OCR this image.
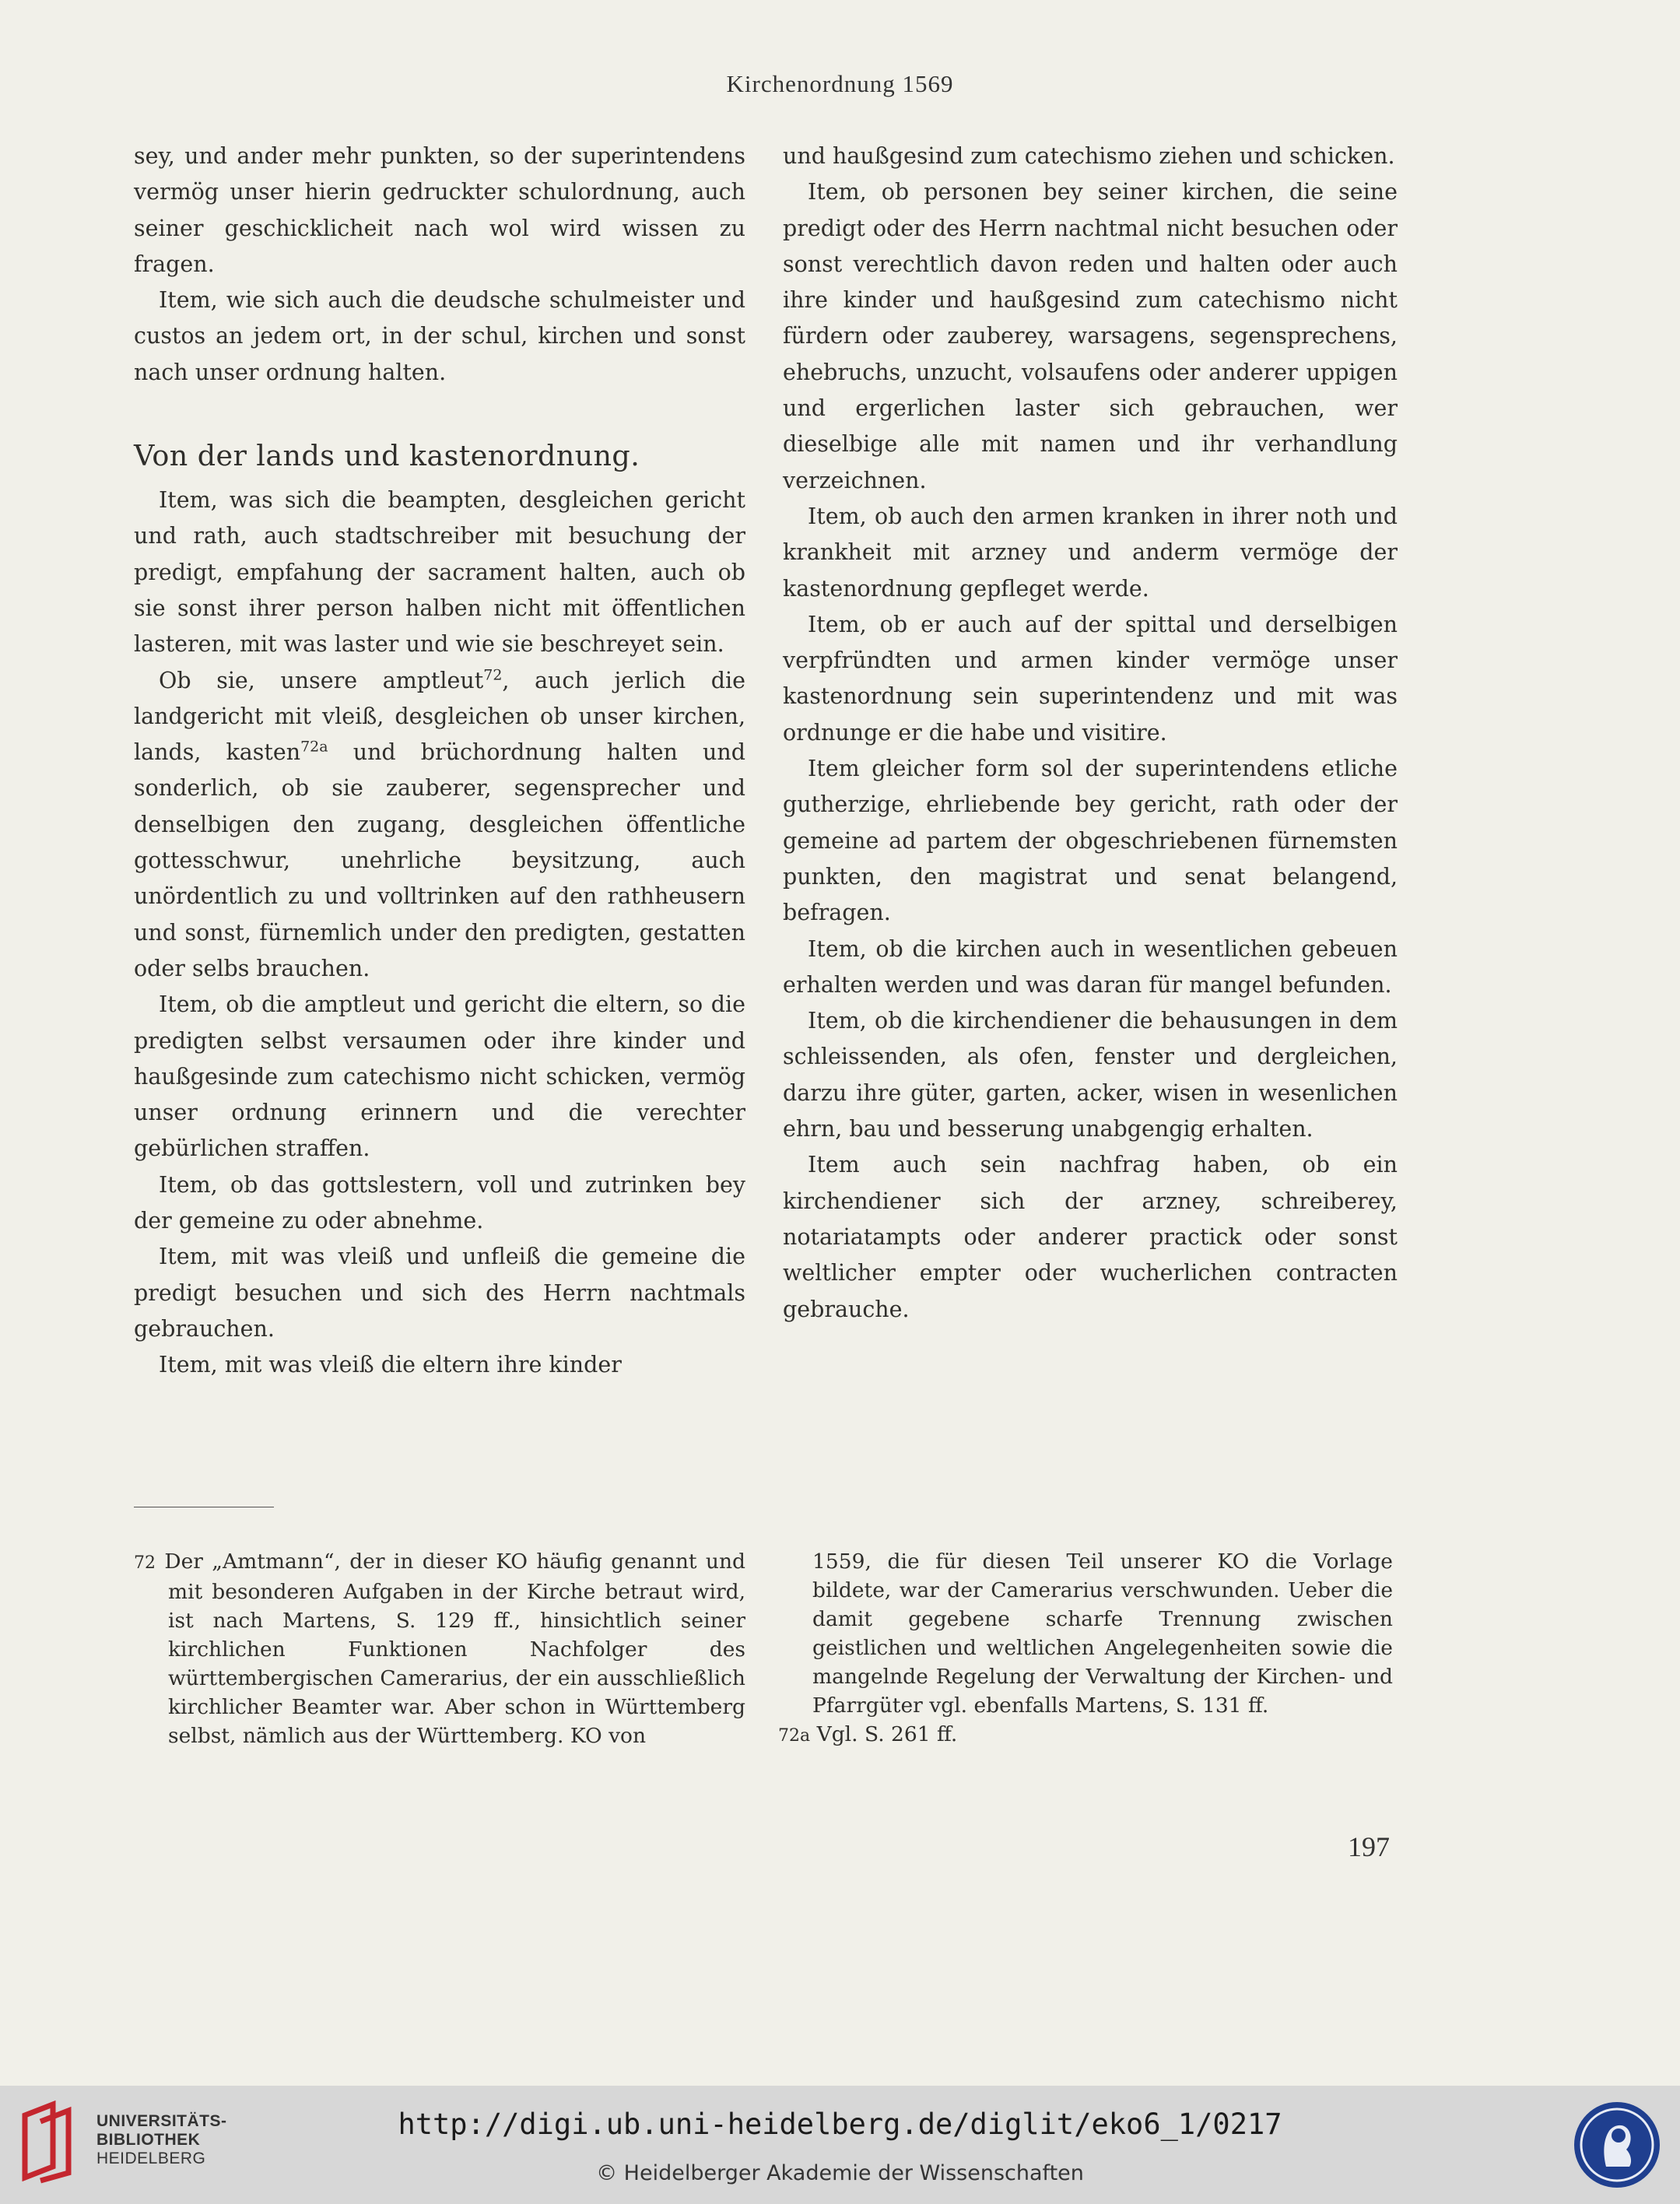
Kirchenordnung 1569

sey, und ander mehr punkten, so der superintendens vermög unser hierin gedruckter schulordnung, auch seiner geschicklicheit nach wol wird wissen zu fragen.

Item, wie sich auch die deudsche schulmeister und custos an jedem ort, in der schul, kirchen und sonst nach unser ordnung halten.

Von der lands und kastenordnung.

Item, was sich die beampten, desgleichen gericht und rath, auch stadtschreiber mit besuchung der predigt, empfahung der sacrament halten, auch ob sie sonst ihrer person halben nicht mit öffentlichen lasteren, mit was laster und wie sie beschreyet sein.

Ob sie, unsere amptleut$^{72}$, auch jerlich die landgericht mit vleiß, desgleichen ob unser kirchen, lands, kasten$^{72a}$ und brüchordnung halten und sonderlich, ob sie zauberer, segensprecher und denselbigen den zugang, desgleichen öffentliche gottesschwur, unehrliche beysitzung, auch unördentlich zu und volltrinken auf den rathheusern und sonst, fürnemlich under den predigten, gestatten oder selbs brauchen.

Item, ob die amptleut und gericht die eltern, so die predigten selbst versaumen oder ihre kinder und haußgesinde zum catechismo nicht schicken, vermög unser ordnung erinnern und die verechter gebürlichen straffen.

Item, ob das gottslestern, voll und zutrinken bey der gemeine zu oder abnehme.

Item, mit was vleiß und unfleiß die gemeine die predigt besuchen und sich des Herrn nachtmals gebrauchen.

Item, mit was vleiß die eltern ihre kinder

und haußgesind zum catechismo ziehen und schicken.

Item, ob personen bey seiner kirchen, die seine predigt oder des Herrn nachtmal nicht besuchen oder sonst verechtlich davon reden und halten oder auch ihre kinder und haußgesind zum catechismo nicht fürdern oder zauberey, warsagens, segensprechens, ehebruchs, unzucht, volsaufens oder anderer uppigen und ergerlichen laster sich gebrauchen, wer dieselbige alle mit namen und ihr verhandlung verzeichnen.

Item, ob auch den armen kranken in ihrer noth und krankheit mit arzney und anderm vermöge der kastenordnung gepfleget werde.

Item, ob er auch auf der spittal und derselbigen verpfründten und armen kinder vermöge unser kastenordnung sein superintendenz und mit was ordnunge er die habe und visitire.

Item gleicher form sol der superintendens etliche gutherzige, ehrliebende bey gericht, rath oder der gemeine ad partem der obgeschriebenen fürnemsten punkten, den magistrat und senat belangend, befragen.

Item, ob die kirchen auch in wesentlichen gebeuen erhalten werden und was daran für mangel befunden.

Item, ob die kirchendiener die behausungen in dem schleissenden, als ofen, fenster und dergleichen, darzu ihre güter, garten, acker, wisen in wesenlichen ehrn, bau und besserung unabgengig erhalten.

Item auch sein nachfrag haben, ob ein kirchendiener sich der arzney, schreiberey, notariatampts oder anderer practick oder sonst weltlicher empter oder wucherlichen contracten gebrauche.

72 Der „Amtmann“, der in dieser KO häufig genannt und mit besonderen Aufgaben in der Kirche betraut wird, ist nach Martens, S. 129 ff., hinsichtlich seiner kirchlichen Funktionen Nachfolger des württembergischen Camerarius, der ein ausschließlich kirchlicher Beamter war. Aber schon in Württemberg selbst, nämlich aus der Württemberg. KO von

1559, die für diesen Teil unserer KO die Vorlage bildete, war der Camerarius verschwunden. Ueber die damit gegebene scharfe Trennung zwischen geistlichen und weltlichen Angelegenheiten sowie die mangelnde Regelung der Verwaltung der Kirchen- und Pfarrgüter vgl. ebenfalls Martens, S. 131 ff.

72a Vgl. S. 261 ff.

197
UNIVERSITÄTS-
BIBLIOTHEK
HEIDELBERG
http://digi.ub.uni-heidelberg.de/diglit/eko6_1/0217
© Heidelberger Akademie der Wissenschaften
